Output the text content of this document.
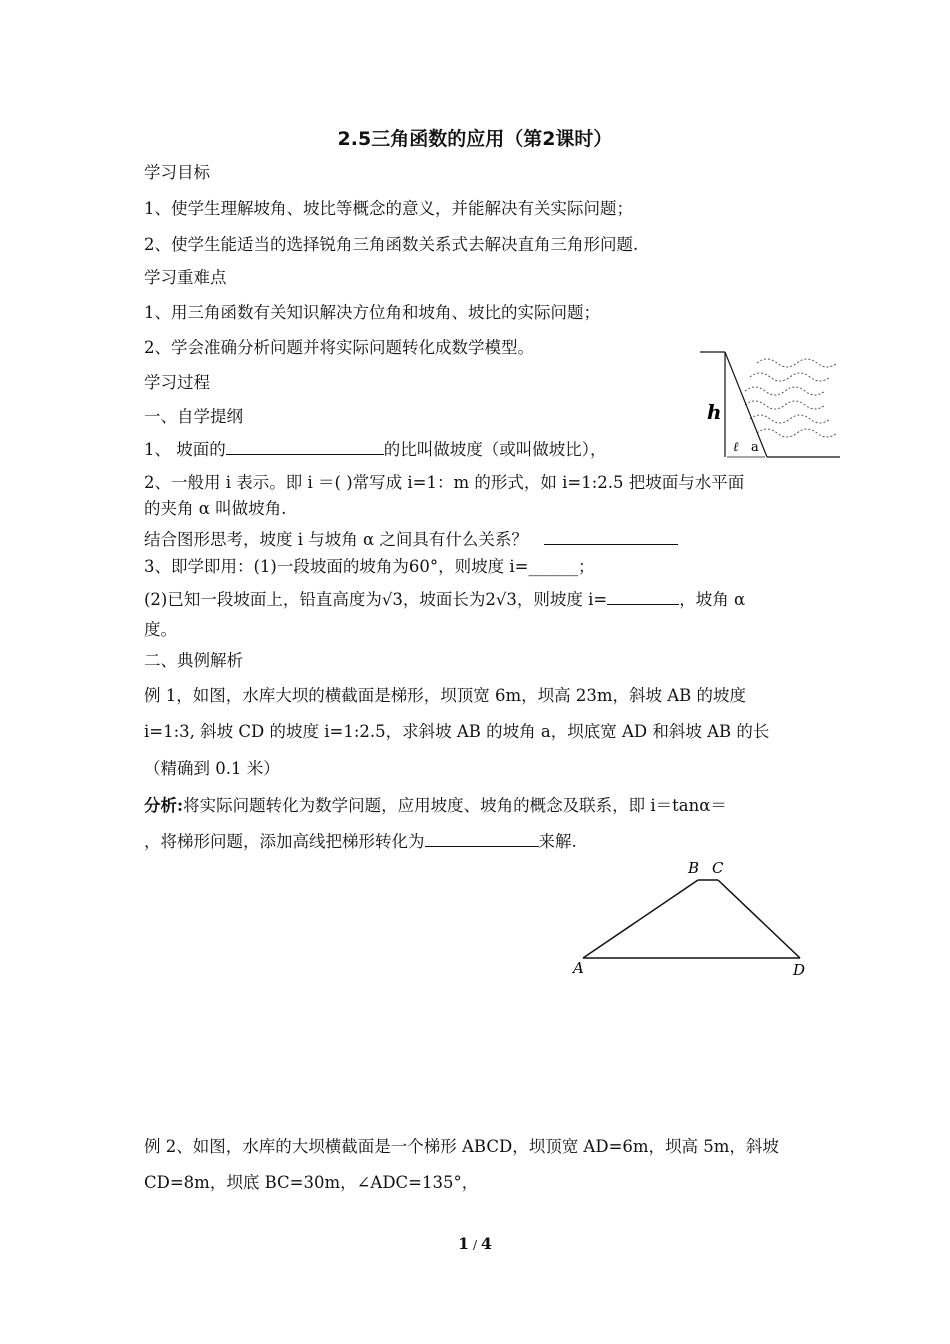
2.5三角函数的应用（第2课时）
学习目标
1、使学生理解坡角、坡比等概念的意义，并能解决有关实际问题；
2、使学生能适当的选择锐角三角函数关系式去解决直角三角形问题.
学习重难点
1、用三角函数有关知识解决方位角和坡角、坡比的实际问题；
2、学会准确分析问题并将实际问题转化成数学模型。
学习过程
一、自学提纲
1、 坡面的	的比叫做坡度（或叫做坡比），
2、一般用 i 表示。即 i ＝( )常写成 i=1：m 的形式，如 i=1:2.5 把坡面与水平面
的夹角 α 叫做坡角.
结合图形思考，坡度 i 与坡角 α 之间具有什么关系？
3、即学即用：(1)一段坡面的坡角为60°，则坡度 i=______；
(2)已知一段坡面上，铅直高度为√3，坡面长为2√3，则坡度 i=	，坡角 α
度。
二、典例解析
例 1，如图，水库大坝的横截面是梯形，坝顶宽 6m，坝高 23m，斜坡 AB 的坡度
i=1:3, 斜坡 CD 的坡度 i=1:2.5，求斜坡 AB 的坡角 a，坝底宽 AD 和斜坡 AB 的长
（精确到 0.1 米）
分析:将实际问题转化为数学问题，应用坡度、坡角的概念及联系，即 i＝tanα＝
，将梯形问题，添加高线把梯形转化为	来解.
例 2、如图，水库的大坝横截面是一个梯形 ABCD，坝顶宽 AD=6m，坝高 5m，斜坡
CD=8m，坝底 BC=30m，∠ADC=135°，
h
ℓ a
A
B C
D
1 / 4
